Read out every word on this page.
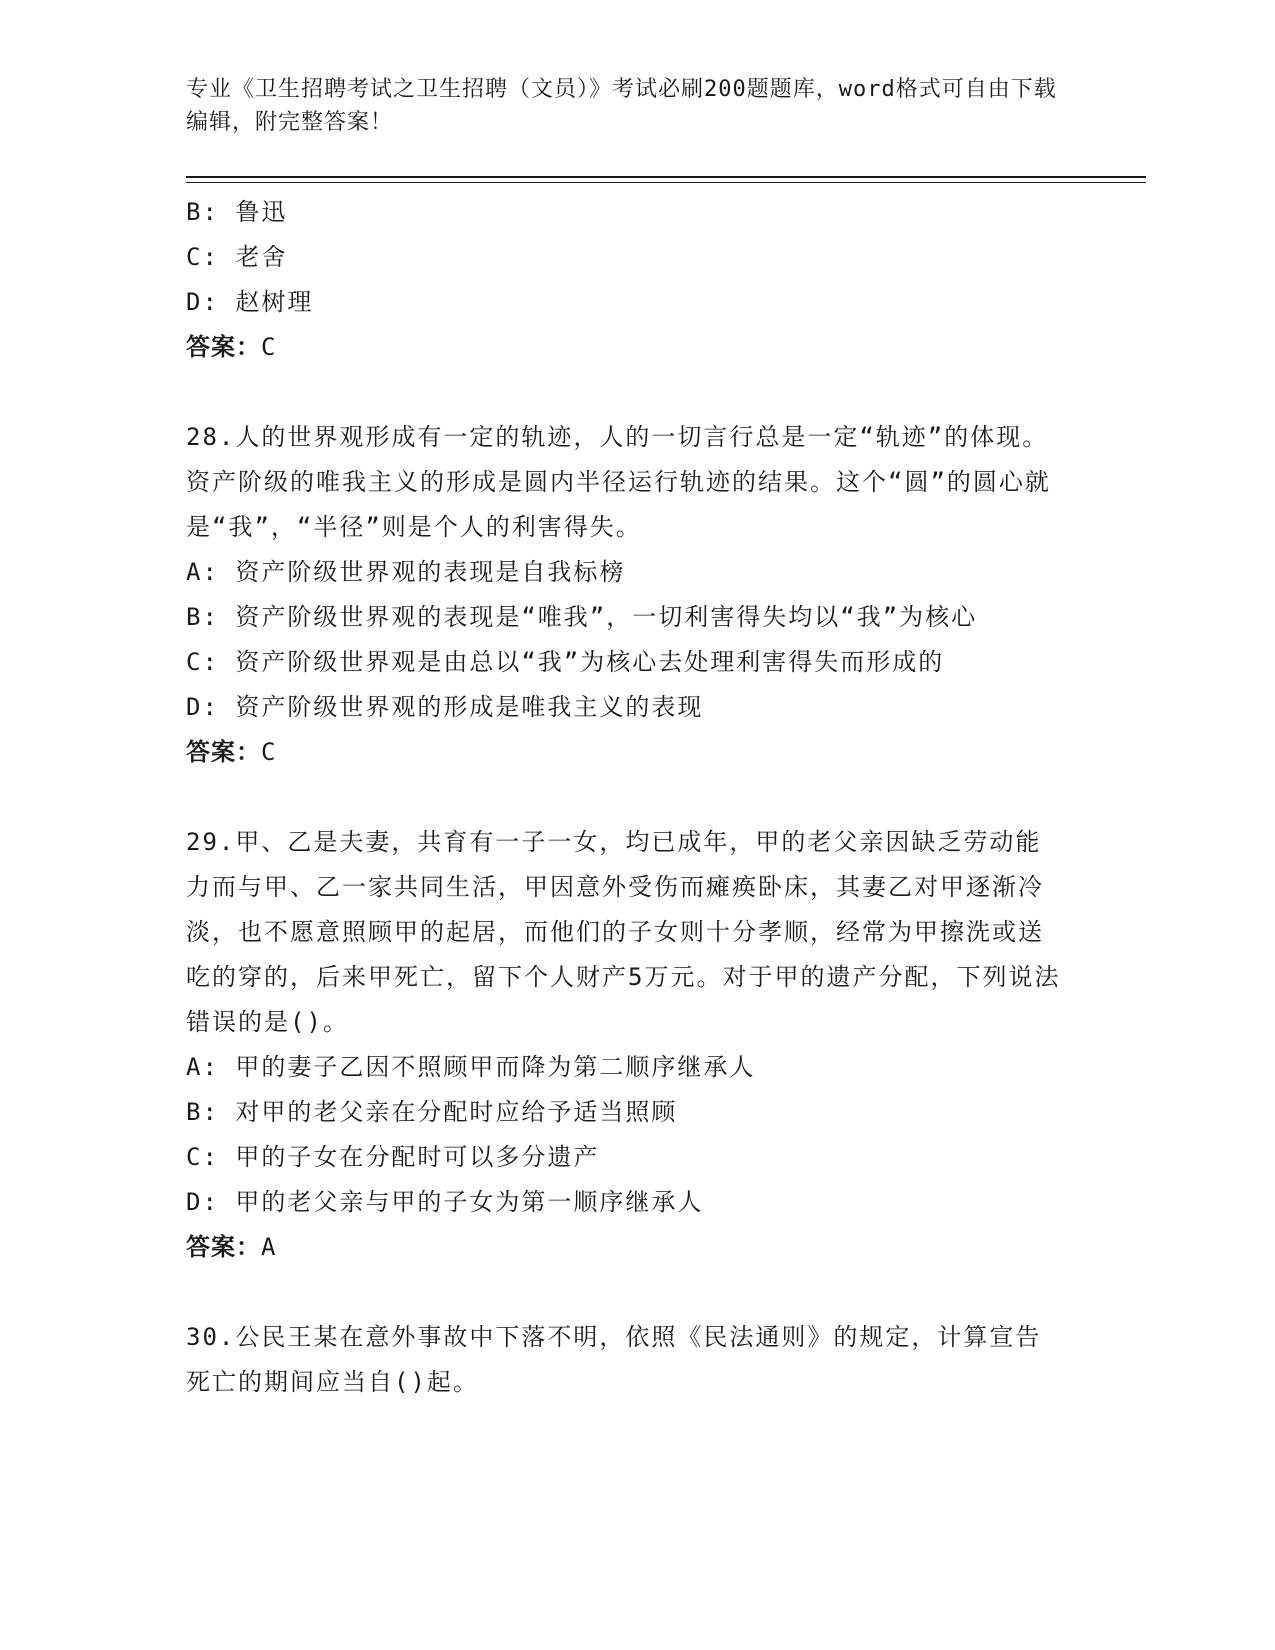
专业《卫生招聘考试之卫生招聘（文员）》考试必刷200题题库，word格式可自由下载编辑，附完整答案！

B: 鲁迅

C: 老舍

D: 赵树理

答案：C

28.人的世界观形成有一定的轨迹，人的一切言行总是一定“轨迹”的体现。资产阶级的唯我主义的形成是圆内半径运行轨迹的结果。这个“圆”的圆心就是“我”，“半径”则是个人的利害得失。

A: 资产阶级世界观的表现是自我标榜

B: 资产阶级世界观的表现是“唯我”，一切利害得失均以“我”为核心

C: 资产阶级世界观是由总以“我”为核心去处理利害得失而形成的

D: 资产阶级世界观的形成是唯我主义的表现

答案：C

29.甲、乙是夫妻，共育有一子一女，均已成年，甲的老父亲因缺乏劳动能力而与甲、乙一家共同生活，甲因意外受伤而瘫痪卧床，其妻乙对甲逐渐冷淡，也不愿意照顾甲的起居，而他们的子女则十分孝顺，经常为甲擦洗或送吃的穿的，后来甲死亡，留下个人财产5万元。对于甲的遗产分配，下列说法错误的是()。

A: 甲的妻子乙因不照顾甲而降为第二顺序继承人

B: 对甲的老父亲在分配时应给予适当照顾

C: 甲的子女在分配时可以多分遗产

D: 甲的老父亲与甲的子女为第一顺序继承人

答案：A

30.公民王某在意外事故中下落不明，依照《民法通则》的规定，计算宣告死亡的期间应当自()起。
